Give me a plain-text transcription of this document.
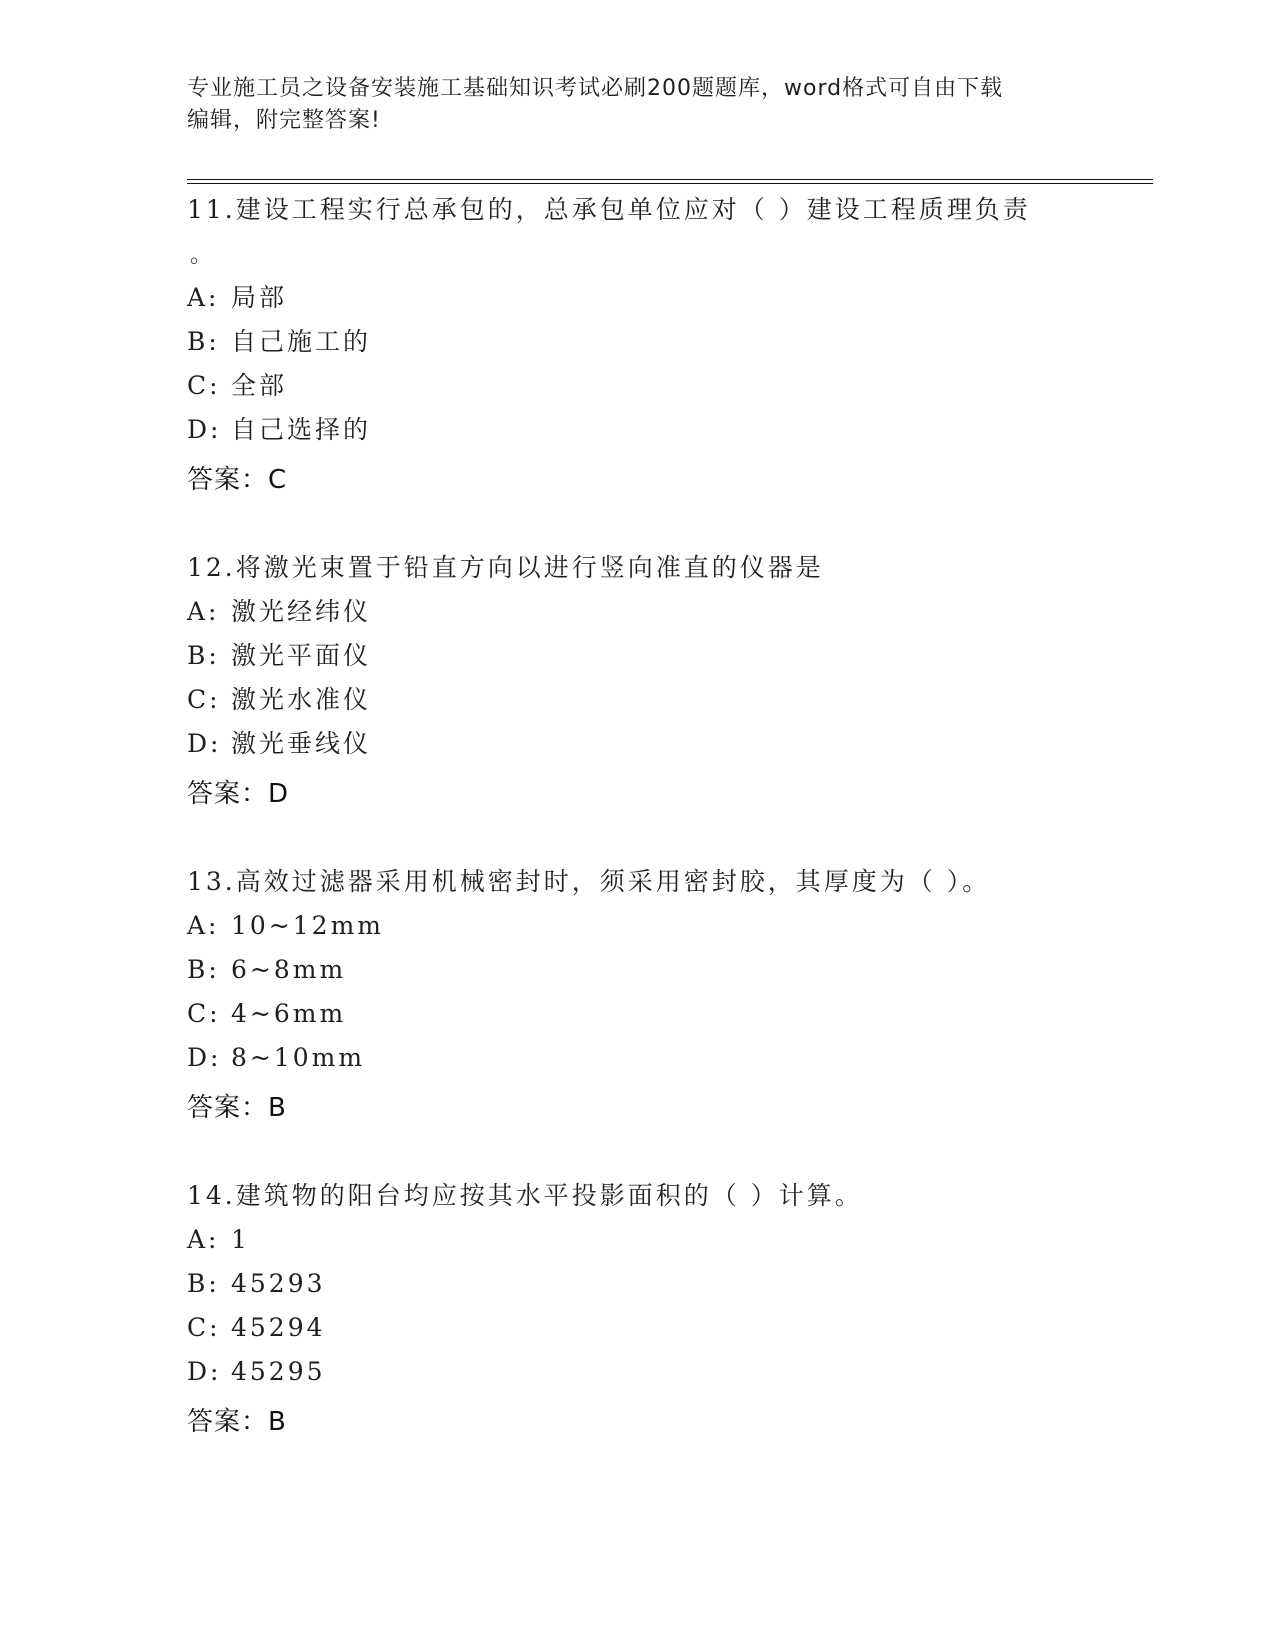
专业施工员之设备安装施工基础知识考试必刷200题题库，word格式可自由下载
编辑，附完整答案!
11.建设工程实行总承包的，总承包单位应对（ ）建设工程质理负责
。
A: 局部
B: 自己施工的
C: 全部
D: 自己选择的
答案：C
12.将激光束置于铅直方向以进行竖向准直的仪器是
A: 激光经纬仪
B: 激光平面仪
C: 激光水准仪
D: 激光垂线仪
答案：D
13.高效过滤器采用机械密封时，须采用密封胶，其厚度为（ ）。
A: 10~12mm
B: 6~8mm
C: 4~6mm
D: 8~10mm
答案：B
14.建筑物的阳台均应按其水平投影面积的（ ）计算。
A: 1
B: 45293
C: 45294
D: 45295
答案：B
